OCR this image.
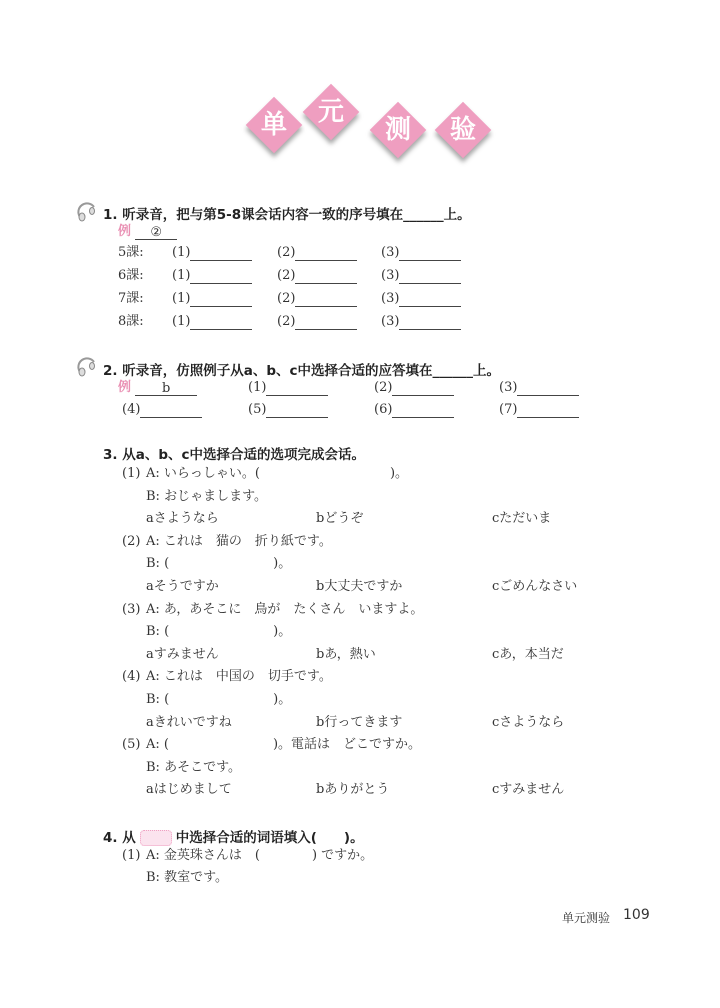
单	元
测	验
1. 听录音，把与第5-8课会话内容一致的序号填在______上。
例 ②
5課: (1)	(2)	(3)
6課: (1)	(2)	(3)
7課: (1)	(2)	(3)
8課: (1)	(2)	(3)
2. 听录音，仿照例子从a、b、c中选择合适的应答填在______上。
例 b	(1)	(2)	(3)
(4)	(5)	(6)	(7)
3. 从a、b、c中选择合适的选项完成会话。
(1) A: いらっしゃい。(　　　　　　　　　　)。
B: おじゃまします。
aさようなら	bどうぞ	cただいま
(2) A: これは　猫の　折り紙です。
B: (　　　　　　　　)。
aそうですか	b大丈夫ですか	cごめんなさい
(3) A: あ，あそこに　鳥が　たくさん　いますよ。
B: (　　　　　　　　)。
aすみません	bあ，熱い	cあ，本当だ
(4) A: これは　中国の　切手です。
B: (　　　　　　　　)。
aきれいですね	b行ってきます	cさようなら
(5) A: (　　　　　　　　)。電話は　どこですか。
B: あそこです。
aはじめまして	bありがとう	cすみません
4. 从	中选择合适的词语填入(　　)。
(1) A: 金英珠さんは　(　　　　) ですか。
B: 教室です。
单元测验 109
